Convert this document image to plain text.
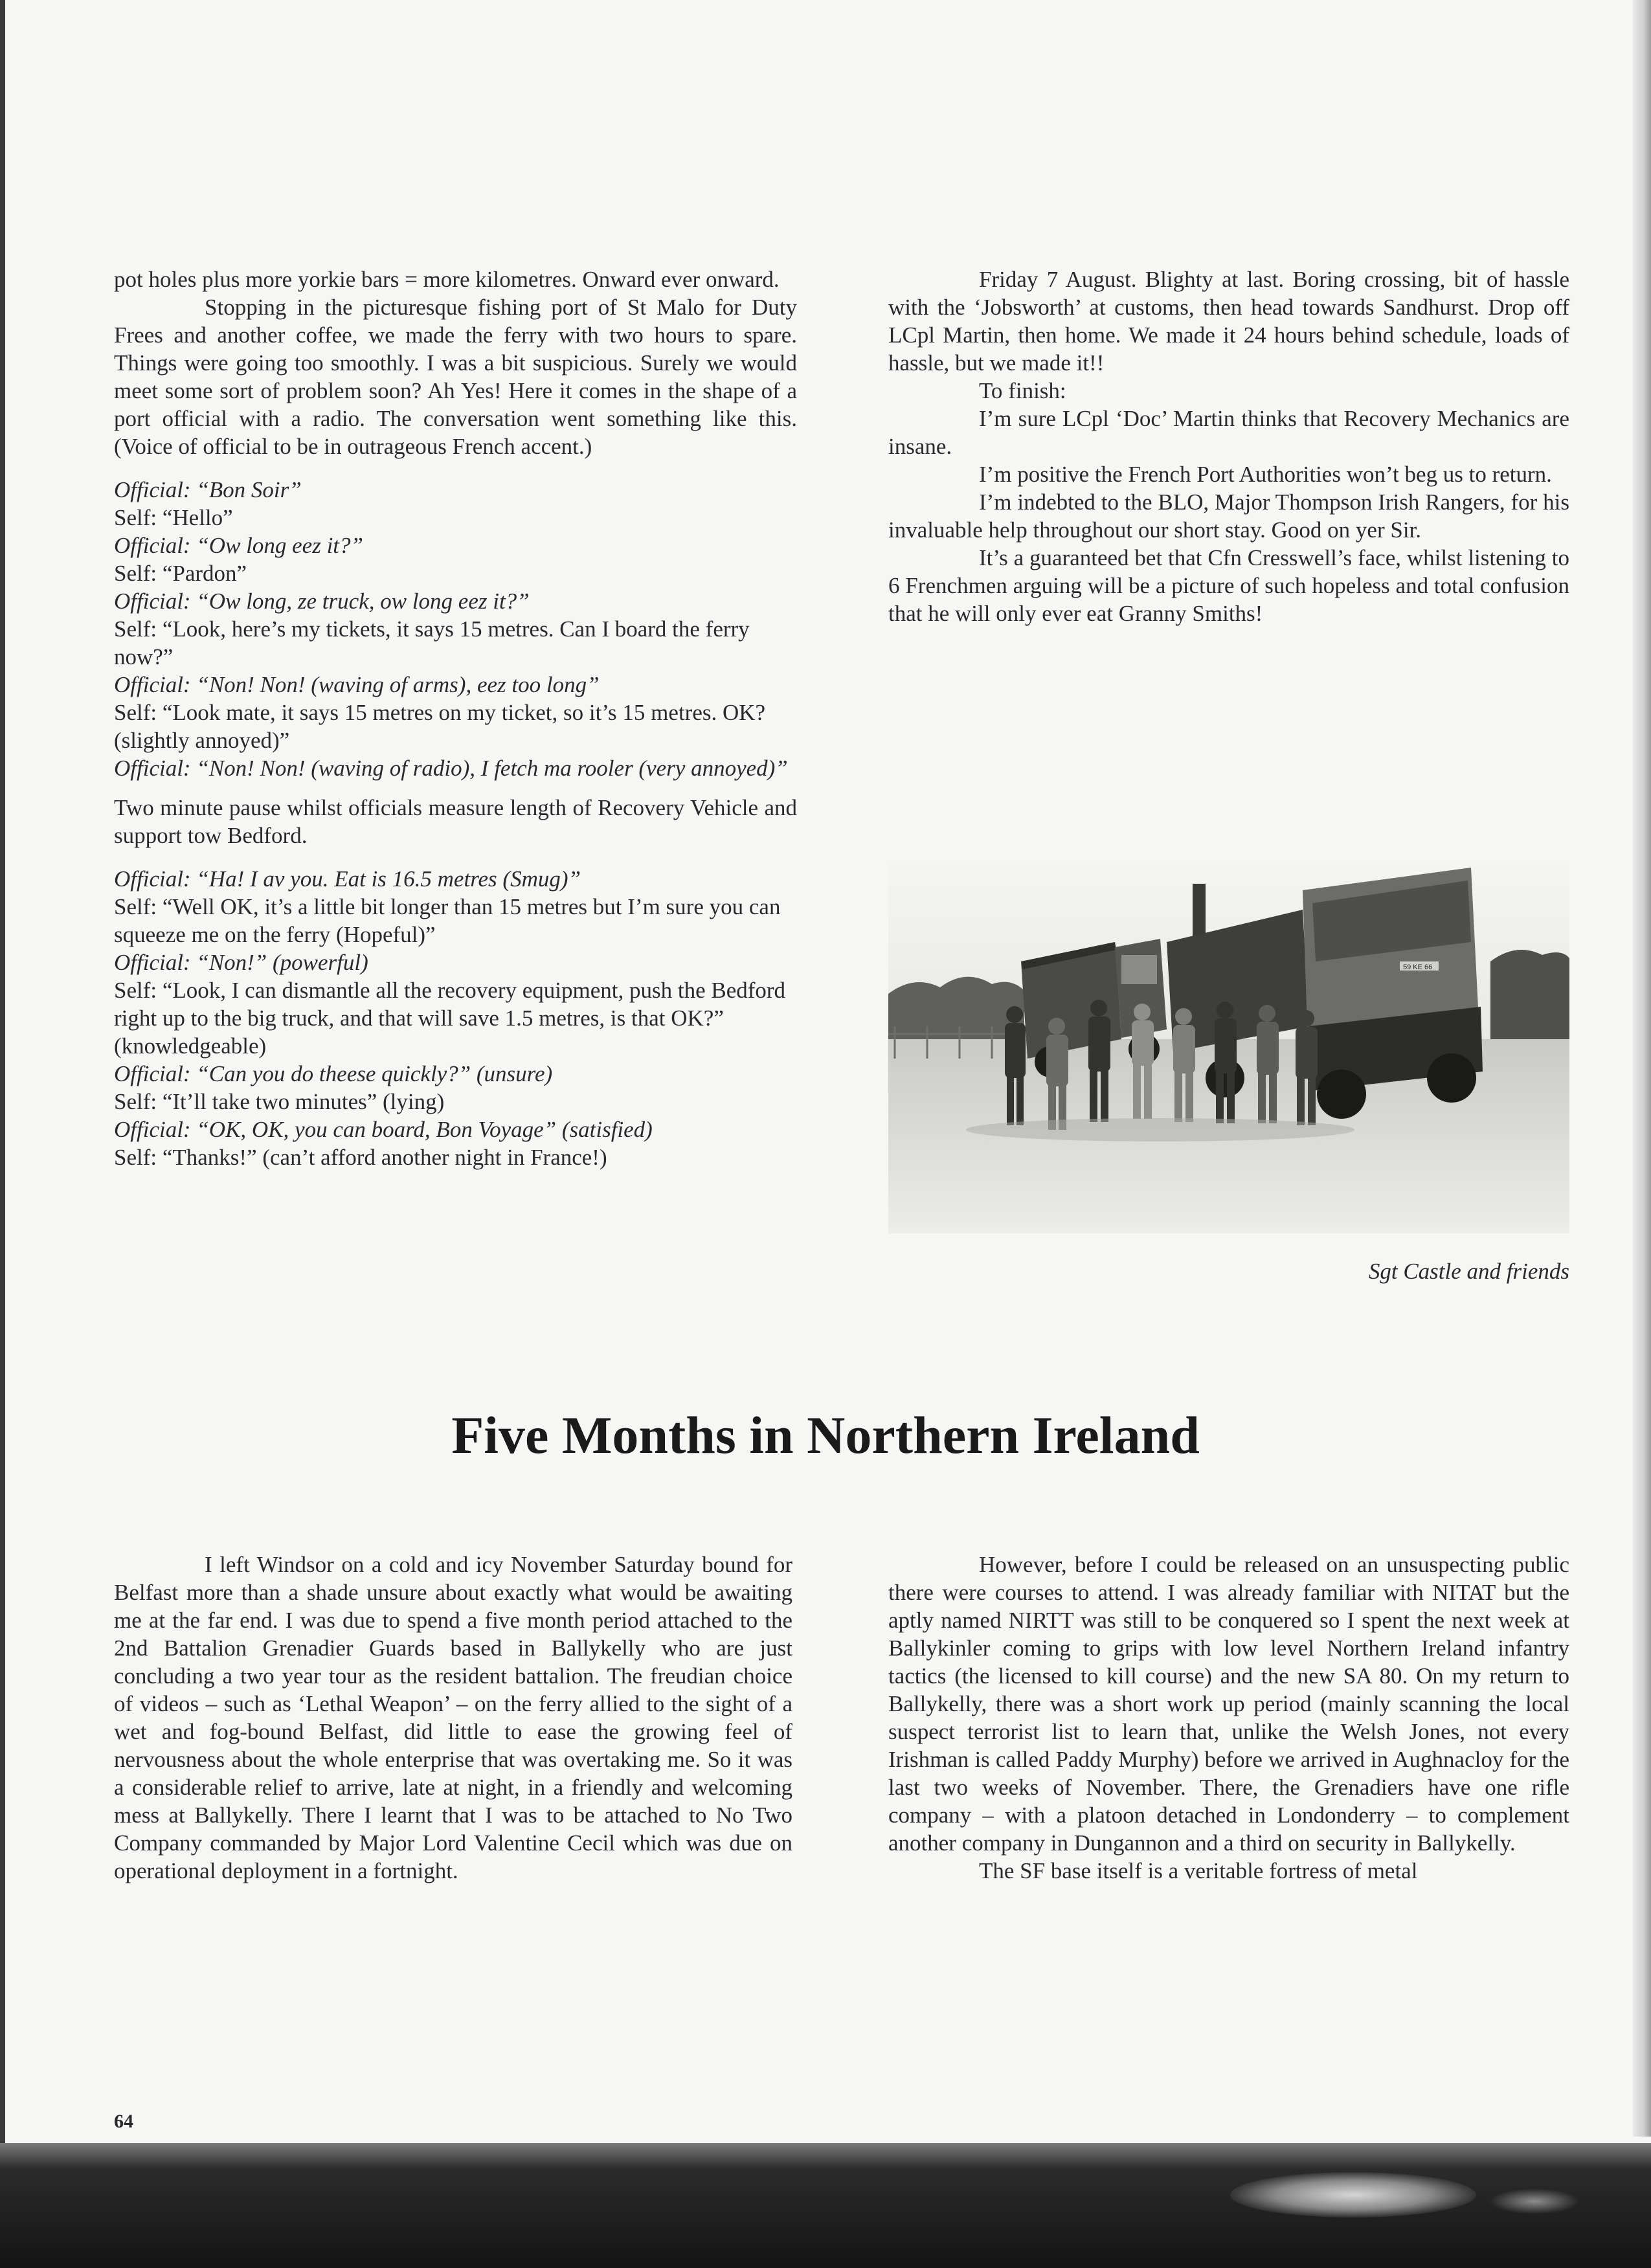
pot holes plus more yorkie bars = more kilometres. Onward ever onward.

Stopping in the picturesque fishing port of St Malo for Duty Frees and another coffee, we made the ferry with two hours to spare. Things were going too smoothly. I was a bit suspicious. Surely we would meet some sort of problem soon? Ah Yes! Here it comes in the shape of a port official with a radio. The conversation went something like this. (Voice of official to be in outrageous French accent.)

Official: “Bon Soir”

Self: “Hello”

Official: “Ow long eez it?”

Self: “Pardon”

Official: “Ow long, ze truck, ow long eez it?”

Self: “Look, here’s my tickets, it says 15 metres. Can I board the ferry now?”

Official: “Non! Non! (waving of arms), eez too long”

Self: “Look mate, it says 15 metres on my ticket, so it’s 15 metres. OK? (slightly annoyed)”

Official: “Non! Non! (waving of radio), I fetch ma rooler (very annoyed)”

Two minute pause whilst officials measure length of Recovery Vehicle and support tow Bedford.

Official: “Ha! I av you. Eat is 16.5 metres (Smug)”

Self: “Well OK, it’s a little bit longer than 15 metres but I’m sure you can squeeze me on the ferry (Hopeful)”

Official: “Non!” (powerful)

Self: “Look, I can dismantle all the recovery equipment, push the Bedford right up to the big truck, and that will save 1.5 metres, is that OK?” (knowledgeable)

Official: “Can you do theese quickly?” (unsure)

Self: “It’ll take two minutes” (lying)

Official: “OK, OK, you can board, Bon Voyage” (satisfied)

Self: “Thanks!” (can’t afford another night in France!)

Friday 7 August. Blighty at last. Boring crossing, bit of hassle with the ‘Jobsworth’ at customs, then head towards Sandhurst. Drop off LCpl Martin, then home. We made it 24 hours behind schedule, loads of hassle, but we made it!!

To finish:

I’m sure LCpl ‘Doc’ Martin thinks that Recovery Mechanics are insane.

I’m positive the French Port Authorities won’t beg us to return.

I’m indebted to the BLO, Major Thompson Irish Rangers, for his invaluable help throughout our short stay. Good on yer Sir.

It’s a guaranteed bet that Cfn Cresswell’s face, whilst listening to 6 Frenchmen arguing will be a picture of such hopeless and total confusion that he will only ever eat Granny Smiths!

59 KE 66
Sgt Castle and friends
Five Months in Northern Ireland

I left Windsor on a cold and icy November Saturday bound for Belfast more than a shade unsure about exactly what would be awaiting me at the far end. I was due to spend a five month period attached to the 2nd Battalion Grenadier Guards based in Ballykelly who are just concluding a two year tour as the resident battalion. The freudian choice of videos – such as ‘Lethal Weapon’ – on the ferry allied to the sight of a wet and fog-bound Belfast, did little to ease the growing feel of nervousness about the whole enterprise that was overtaking me. So it was a considerable relief to arrive, late at night, in a friendly and welcoming mess at Ballykelly. There I learnt that I was to be attached to No Two Company commanded by Major Lord Valentine Cecil which was due on operational deployment in a fortnight.

However, before I could be released on an unsuspecting public there were courses to attend. I was already familiar with NITAT but the aptly named NIRTT was still to be conquered so I spent the next week at Ballykinler coming to grips with low level Northern Ireland infantry tactics (the licensed to kill course) and the new SA 80. On my return to Ballykelly, there was a short work up period (mainly scanning the local suspect terrorist list to learn that, unlike the Welsh Jones, not every Irishman is called Paddy Murphy) before we arrived in Aughnacloy for the last two weeks of November. There, the Grenadiers have one rifle company – with a platoon detached in Londonderry – to complement another company in Dungannon and a third on security in Ballykelly.

The SF base itself is a veritable fortress of metal

64
